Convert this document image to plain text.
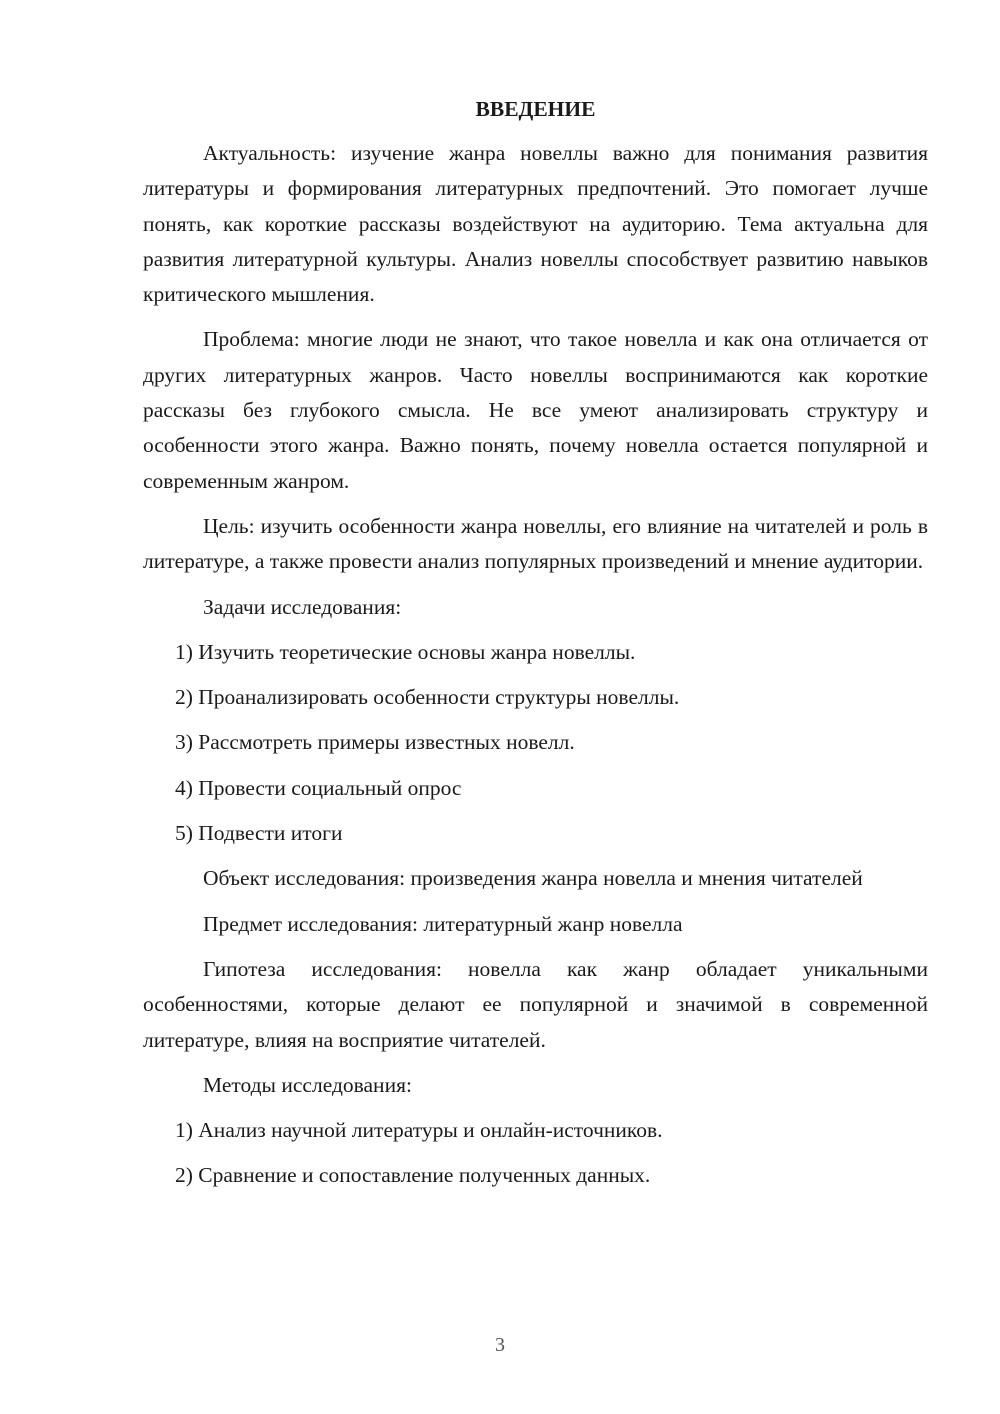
ВВЕДЕНИЕ

Актуальность: изучение жанра новеллы важно для понимания развития литературы и формирования литературных предпочтений. Это помогает лучше понять, как короткие рассказы воздействуют на аудиторию. Тема актуальна для развития литературной культуры. Анализ новеллы способствует развитию навыков критического мышления.

Проблема: многие люди не знают, что такое новелла и как она отличается от других литературных жанров. Часто новеллы воспринимаются как короткие рассказы без глубокого смысла. Не все умеют анализировать структуру и особенности этого жанра. Важно понять, почему новелла остается популярной и современным жанром.

Цель: изучить особенности жанра новеллы, его влияние на читателей и роль в литературе, а также провести анализ популярных произведений и мнение аудитории.

Задачи исследования:

1) Изучить теоретические основы жанра новеллы.
2) Проанализировать особенности структуры новеллы.
3) Рассмотреть примеры известных новелл.
4) Провести социальный опрос
5) Подвести итоги

Объект исследования: произведения жанра новелла и мнения читателей

Предмет исследования: литературный жанр новелла

Гипотеза исследования: новелла как жанр обладает уникальными особенностями, которые делают ее популярной и значимой в современной литературе, влияя на восприятие читателей.

Методы исследования:

1) Анализ научной литературы и онлайн-источников.
2) Сравнение и сопоставление полученных данных.
3
